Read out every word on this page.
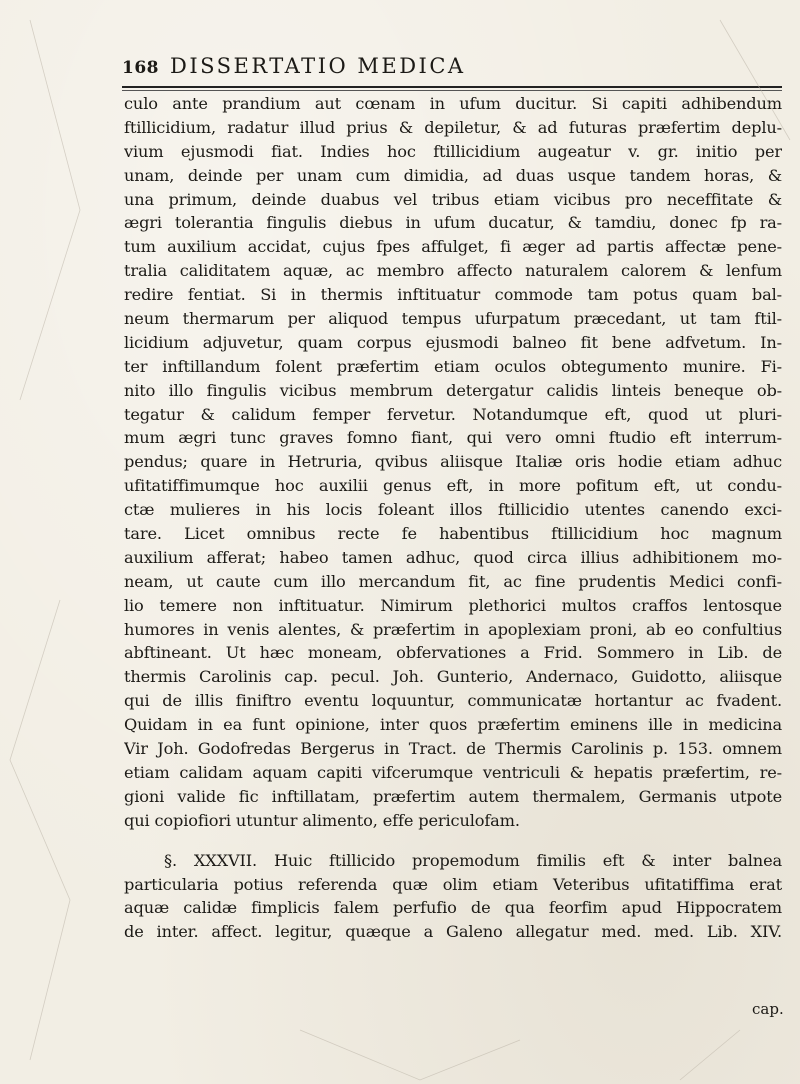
168 DISSERTATIO MEDICA
culo ante prandium aut cœnam in ufum ducitur. Si capiti adhibendum
ftillicidium, radatur illud prius & depiletur, & ad futuras præfertim deplu-
vium ejusmodi fiat. Indies hoc ftillicidium augeatur v. gr. initio per
unam, deinde per unam cum dimidia, ad duas usque tandem horas, &
una primum, deinde duabus vel tribus etiam vicibus pro neceffitate &
ægri tolerantia fingulis diebus in ufum ducatur, & tamdiu, donec fp ra-
tum auxilium accidat, cujus fpes affulget, fi æger ad partis affectæ pene-
tralia caliditatem aquæ, ac membro affecto naturalem calorem & lenfum
redire fentiat. Si in thermis inftituatur commode tam potus quam bal-
neum thermarum per aliquod tempus ufurpatum præcedant, ut tam ftil-
licidium adjuvetur, quam corpus ejusmodi balneo fit bene adfvetum. In-
ter inftillandum folent præfertim etiam oculos obtegumento munire. Fi-
nito illo fingulis vicibus membrum detergatur calidis linteis beneque ob-
tegatur & calidum femper fervetur. Notandumque eft, quod ut pluri-
mum ægri tunc graves fomno fiant, qui vero omni ftudio eft interrum-
pendus; quare in Hetruria, qvibus aliisque Italiæ oris hodie etiam adhuc
ufitatiffimumque hoc auxilii genus eft, in more pofitum eft, ut condu-
ctæ mulieres in his locis foleant illos ftillicidio utentes canendo exci-
tare. Licet omnibus recte fe habentibus ftillicidium hoc magnum
auxilium afferat; habeo tamen adhuc, quod circa illius adhibitionem mo-
neam, ut caute cum illo mercandum fit, ac fine prudentis Medici confi-
lio temere non inftituatur. Nimirum plethorici multos craffos lentosque
humores in venis alentes, & præfertim in apoplexiam proni, ab eo confultius
abftineant. Ut hæc moneam, obfervationes a Frid. Sommero in Lib. de
thermis Carolinis cap. pecul. Joh. Gunterio, Andernaco, Guidotto, aliisque
qui de illis finiftro eventu loquuntur, communicatæ hortantur ac fvadent.
Quidam in ea funt opinione, inter quos præfertim eminens ille in medicina
Vir Joh. Godofredas Bergerus in Tract. de Thermis Carolinis p. 153. omnem
etiam calidam aquam capiti vifcerumque ventriculi & hepatis præfertim, re-
gioni valide fic inftillatam, præfertim autem thermalem, Germanis utpote
qui copiofiori utuntur alimento, effe periculofam.
§. XXXVII. Huic ftillicido propemodum fimilis eft & inter balnea
particularia potius referenda quæ olim etiam Veteribus ufitatiffima erat
aquæ calidæ fimplicis falem perfufio de qua feorfim apud Hippocratem
de inter. affect. legitur, quæque a Galeno allegatur med. med. Lib. XIV.
cap.
